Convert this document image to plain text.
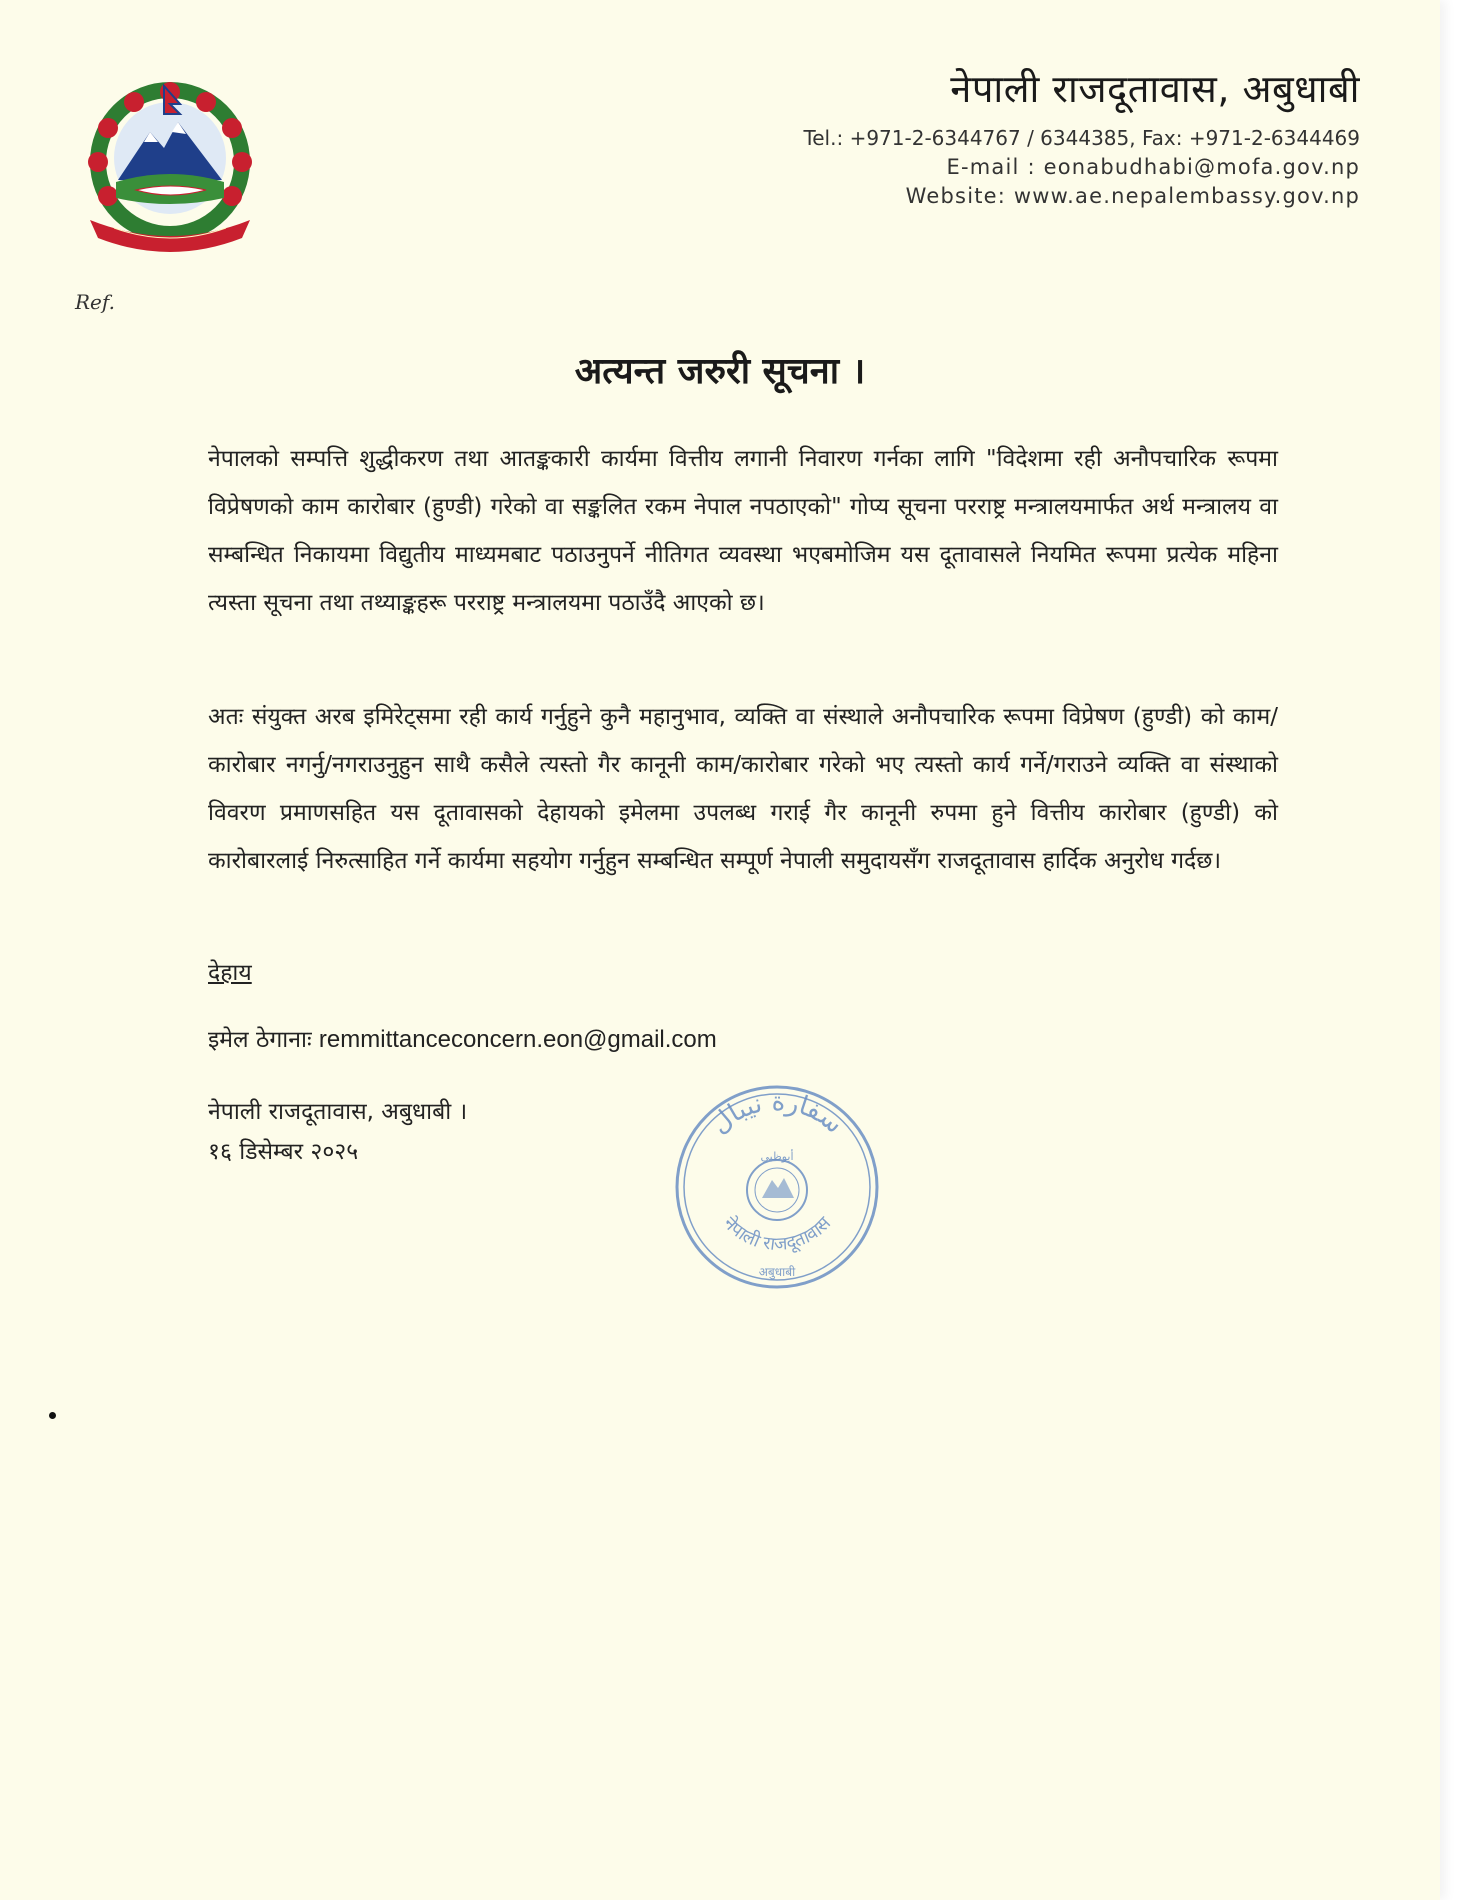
नेपाली राजदूतावास, अबुधाबी
Tel.: +971-2-6344767 / 6344385, Fax: +971-2-6344469
E-mail : eonabudhabi@mofa.gov.np
Website: www.ae.nepalembassy.gov.np
Ref.
अत्यन्त जरुरी सूचना ।
नेपालको सम्पत्ति शुद्धीकरण तथा आतङ्ककारी कार्यमा वित्तीय लगानी निवारण गर्नका लागि "विदेशमा रही अनौपचारिक रूपमा विप्रेषणको काम कारोबार (हुण्डी) गरेको वा सङ्कलित रकम नेपाल नपठाएको" गोप्य सूचना परराष्ट्र मन्त्रालयमार्फत अर्थ मन्त्रालय वा सम्बन्धित निकायमा विद्युतीय माध्यमबाट पठाउनुपर्ने नीतिगत व्यवस्था भएबमोजिम यस दूतावासले नियमित रूपमा प्रत्येक महिना त्यस्ता सूचना तथा तथ्याङ्कहरू परराष्ट्र मन्त्रालयमा पठाउँदै आएको छ।
अतः संयुक्त अरब इमिरेट्समा रही कार्य गर्नुहुने कुनै महानुभाव, व्यक्ति वा संस्थाले अनौपचारिक रूपमा विप्रेषण (हुण्डी) को काम/कारोबार नगर्नु/नगराउनुहुन साथै कसैले त्यस्तो गैर कानूनी काम/कारोबार गरेको भए त्यस्तो कार्य गर्ने/गराउने व्यक्ति वा संस्थाको विवरण प्रमाणसहित यस दूतावासको देहायको इमेलमा उपलब्ध गराई गैर कानूनी रुपमा हुने वित्तीय कारोबार (हुण्डी) को कारोबारलाई निरुत्साहित गर्ने कार्यमा सहयोग गर्नुहुन सम्बन्धित सम्पूर्ण नेपाली समुदायसँग राजदूतावास हार्दिक अनुरोध गर्दछ।
देहाय
इमेल ठेगानाः remmittanceconcern.eon@gmail.com
नेपाली राजदूतावास, अबुधाबी ।
१६ डिसेम्बर २०२५
سفارة نيبال
أبوظبي
नेपाली राजदूतावास
अबुधाबी
